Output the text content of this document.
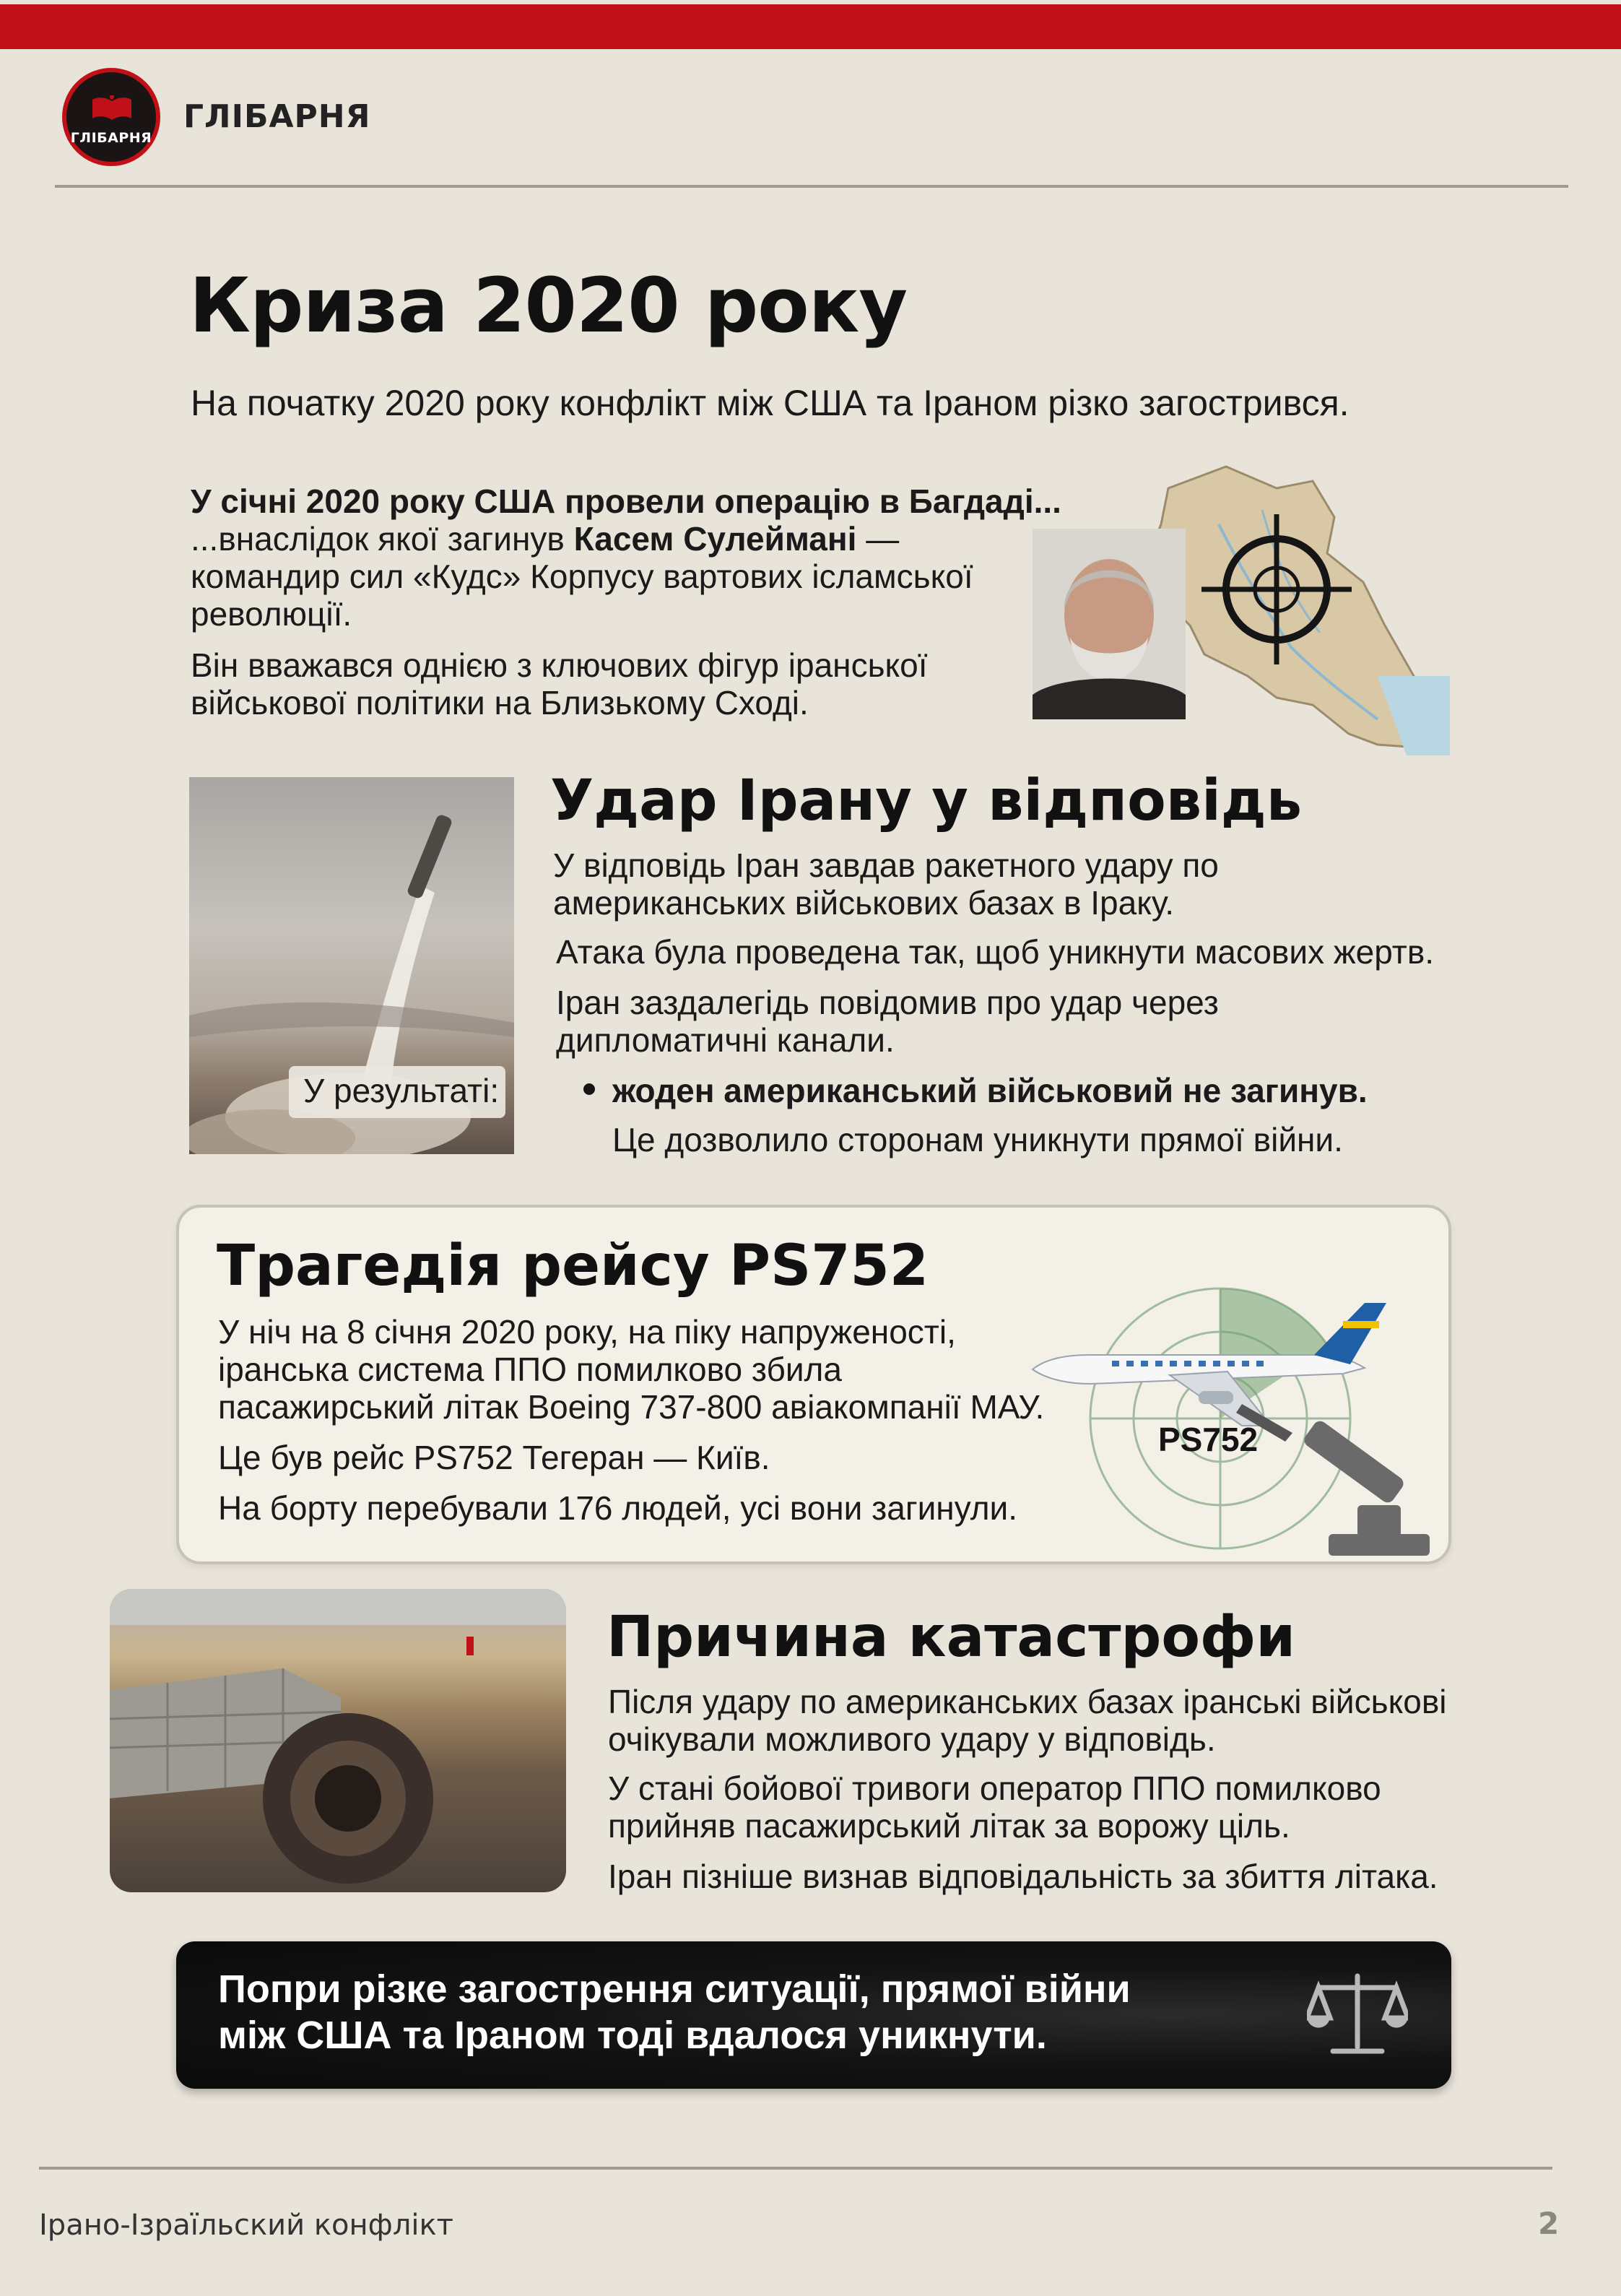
ГЛІБАРНЯ
ГЛІБАРНЯ
Криза 2020 року
На початку 2020 року конфлікт між США та Іраном різко загострився.
У січні 2020 року США провели операцію в Багдаді...
...внаслідок якої загинув Касем Сулеймані —
командир сил «Кудс» Корпусу вартових ісламської
революції.
Він вважався однією з ключових фігур іранської
військової політики на Близькому Сході.
У результаті:
Удар Ірану у відповідь
У відповідь Іран завдав ракетного удару по
американських військових базах в Іраку.
Атака була проведена так, щоб уникнути масових жертв.
Іран заздалегідь повідомив про удар через
дипломатичні канали.
жоден американський військовий не загинув.
Це дозволило сторонам уникнути прямої війни.
Трагедія рейсу PS752
У ніч на 8 січня 2020 року, на піку напруженості,
іранська система ППО помилково збила
пасажирський літак Boeing 737-800 авіакомпанії МАУ.
Це був рейс PS752 Тегеран — Київ.
На борту перебували 176 людей, усі вони загинули.
PS752
Причина катастрофи
Після удару по американських базах іранські військові
очікували можливого удару у відповідь.
У стані бойової тривоги оператор ППО помилково
прийняв пасажирський літак за ворожу ціль.
Іран пізніше визнав відповідальність за збиття літака.
Попри різке загострення ситуації, прямої війни
між США та Іраном тоді вдалося уникнути.
Ірано-Ізраїльский конфлікт	2
